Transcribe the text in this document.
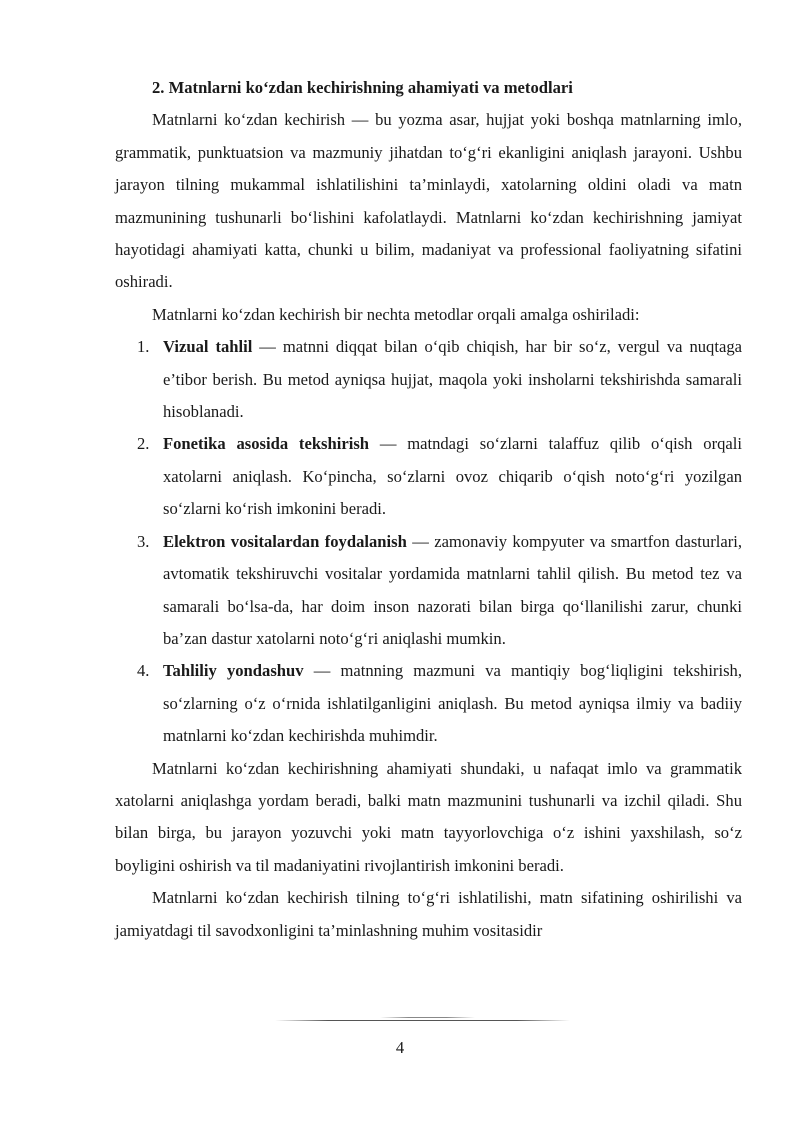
2. Matnlarni ko‘zdan kechirishning ahamiyati va metodlari

Matnlarni ko‘zdan kechirish — bu yozma asar, hujjat yoki boshqa matnlarning imlo, grammatik, punktuatsion va mazmuniy jihatdan to‘g‘ri ekanligini aniqlash jarayoni. Ushbu jarayon tilning mukammal ishlatilishini ta’minlaydi, xatolarning oldini oladi va matn mazmunining tushunarli bo‘lishini kafolatlaydi. Matnlarni ko‘zdan kechirishning jamiyat hayotidagi ahamiyati katta, chunki u bilim, madaniyat va professional faoliyatning sifatini oshiradi.

Matnlarni ko‘zdan kechirish bir nechta metodlar orqali amalga oshiriladi:

1. Vizual tahlil — matnni diqqat bilan o‘qib chiqish, har bir so‘z, vergul va nuqtaga e’tibor berish. Bu metod ayniqsa hujjat, maqola yoki insholarni tekshirishda samarali hisoblanadi.
2. Fonetika asosida tekshirish — matndagi so‘zlarni talaffuz qilib o‘qish orqali xatolarni aniqlash. Ko‘pincha, so‘zlarni ovoz chiqarib o‘qish noto‘g‘ri yozilgan so‘zlarni ko‘rish imkonini beradi.
3. Elektron vositalardan foydalanish — zamonaviy kompyuter va smartfon dasturlari, avtomatik tekshiruvchi vositalar yordamida matnlarni tahlil qilish. Bu metod tez va samarali bo‘lsa-da, har doim inson nazorati bilan birga qo‘llanilishi zarur, chunki ba’zan dastur xatolarni noto‘g‘ri aniqlashi mumkin.
4. Tahliliy yondashuv — matnning mazmuni va mantiqiy bog‘liqligini tekshirish, so‘zlarning o‘z o‘rnida ishlatilganligini aniqlash. Bu metod ayniqsa ilmiy va badiiy matnlarni ko‘zdan kechirishda muhimdir.

Matnlarni ko‘zdan kechirishning ahamiyati shundaki, u nafaqat imlo va grammatik xatolarni aniqlashga yordam beradi, balki matn mazmunini tushunarli va izchil qiladi. Shu bilan birga, bu jarayon yozuvchi yoki matn tayyorlovchiga o‘z ishini yaxshilash, so‘z boyligini oshirish va til madaniyatini rivojlantirish imkonini beradi.

Matnlarni ko‘zdan kechirish tilning to‘g‘ri ishlatilishi, matn sifatining oshirilishi va jamiyatdagi til savodxonligini ta’minlashning muhim vositasidir

4
